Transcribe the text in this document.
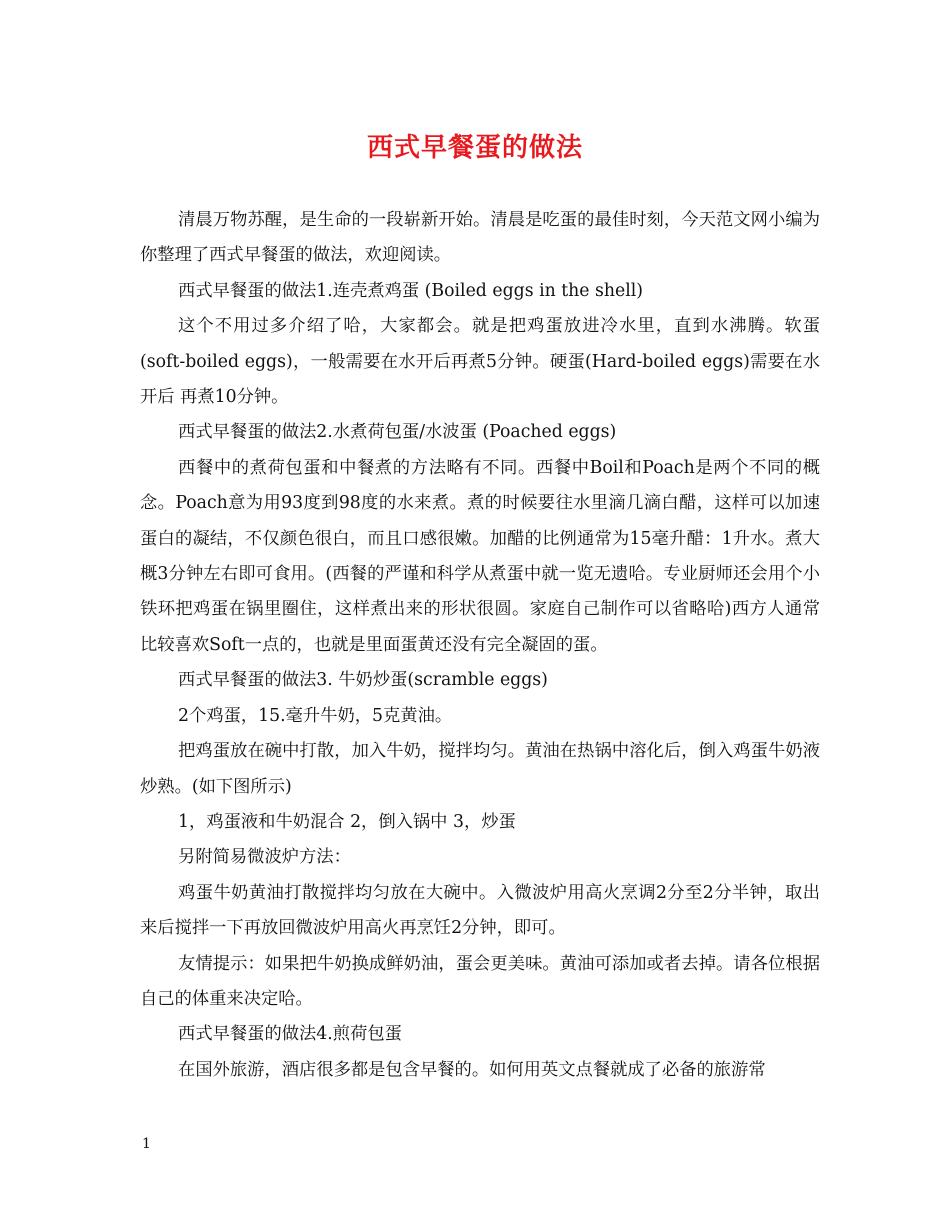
西式早餐蛋的做法

清晨万物苏醒，是生命的一段崭新开始。清晨是吃蛋的最佳时刻，今天范文网小编为你整理了西式早餐蛋的做法，欢迎阅读。

西式早餐蛋的做法1.连壳煮鸡蛋 (Boiled eggs in the shell)

这个不用过多介绍了哈，大家都会。就是把鸡蛋放进冷水里，直到水沸腾。软蛋(soft-boiled eggs)，一般需要在水开后再煮5分钟。硬蛋(Hard-boiled eggs)需要在水开后 再煮10分钟。

西式早餐蛋的做法2.水煮荷包蛋/水波蛋 (Poached eggs)

西餐中的煮荷包蛋和中餐煮的方法略有不同。西餐中Boil和Poach是两个不同的概念。Poach意为用93度到98度的水来煮。煮的时候要往水里滴几滴白醋，这样可以加速蛋白的凝结，不仅颜色很白，而且口感很嫩。加醋的比例通常为15毫升醋：1升水。煮大概3分钟左右即可食用。(西餐的严谨和科学从煮蛋中就一览无遗哈。专业厨师还会用个小铁环把鸡蛋在锅里圈住，这样煮出来的形状很圆。家庭自己制作可以省略哈)西方人通常比较喜欢Soft一点的，也就是里面蛋黄还没有完全凝固的蛋。

西式早餐蛋的做法3. 牛奶炒蛋(scramble eggs)

2个鸡蛋，15.毫升牛奶，5克黄油。

把鸡蛋放在碗中打散，加入牛奶，搅拌均匀。黄油在热锅中溶化后，倒入鸡蛋牛奶液炒熟。(如下图所示)

1，鸡蛋液和牛奶混合 2，倒入锅中 3，炒蛋

另附简易微波炉方法：

鸡蛋牛奶黄油打散搅拌均匀放在大碗中。入微波炉用高火烹调2分至2分半钟，取出来后搅拌一下再放回微波炉用高火再烹饪2分钟，即可。

友情提示：如果把牛奶换成鲜奶油，蛋会更美味。黄油可添加或者去掉。请各位根据自己的体重来决定哈。

西式早餐蛋的做法4.煎荷包蛋

在国外旅游，酒店很多都是包含早餐的。如何用英文点餐就成了必备的旅游常

1
